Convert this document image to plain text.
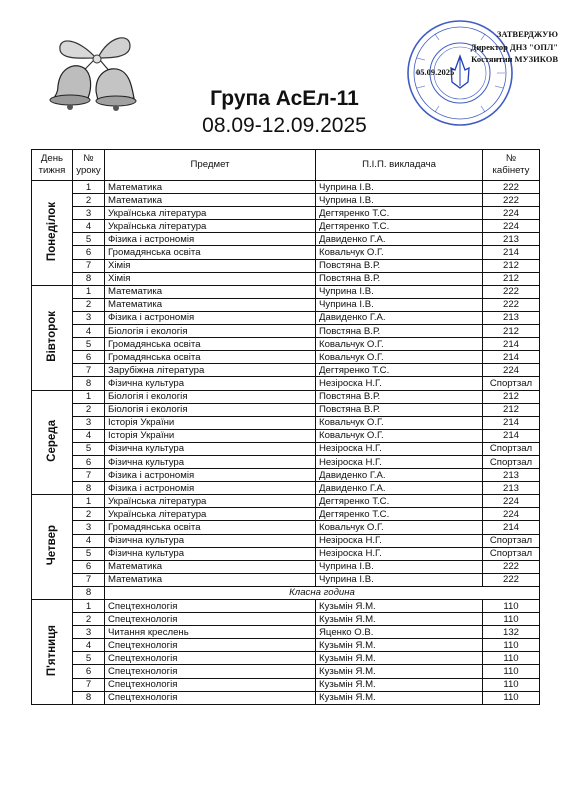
ЗАТВЕРДЖУЮ
Директор ДНЗ "ОПЛ"
Костянтин МУЗИКОВ
05.09.2025
Група АсЕл-11
08.09-12.09.2025
День
тижня	№
уроку	Предмет	П.І.П. викладача	№
кабінету
Понеділок	1	Математика	Чуприна І.В.	222
	2	Математика	Чуприна І.В.	222
	3	Українська література	Дегтяренко Т.С.	224
	4	Українська література	Дегтяренко Т.С.	224
	5	Фізика і астрономія	Давиденко Г.А.	213
	6	Громадянська освіта	Ковальчук О.Г.	214
	7	Хімія	Повстяна В.Р.	212
	8	Хімія	Повстяна В.Р.	212
Вівторок	1	Математика	Чуприна І.В.	222
	2	Математика	Чуприна І.В.	222
	3	Фізика і астрономія	Давиденко Г.А.	213
	4	Біологія і екологія	Повстяна В.Р.	212
	5	Громадянська освіта	Ковальчук О.Г.	214
	6	Громадянська освіта	Ковальчук О.Г.	214
	7	Зарубіжна література	Дегтяренко Т.С.	224
	8	Фізична культура	Незіроска Н.Г.	Спортзал
Середа	1	Біологія і екологія	Повстяна В.Р.	212
	2	Біологія і екологія	Повстяна В.Р.	212
	3	Історія України	Ковальчук О.Г.	214
	4	Історія України	Ковальчук О.Г.	214
	5	Фізична культура	Незіроска Н.Г.	Спортзал
	6	Фізична культура	Незіроска Н.Г.	Спортзал
	7	Фізика і астрономія	Давиденко Г.А.	213
	8	Фізика і астрономія	Давиденко Г.А.	213
Четвер	1	Українська література	Дегтяренко Т.С.	224
	2	Українська література	Дегтяренко Т.С.	224
	3	Громадянська освіта	Ковальчук О.Г.	214
	4	Фізична культура	Незіроска Н.Г.	Спортзал
	5	Фізична культура	Незіроска Н.Г.	Спортзал
	6	Математика	Чуприна І.В.	222
	7	Математика	Чуприна І.В.	222
	8	Класна година		
П'ятниця	1	Спецтехнологія	Кузьмін Я.М.	110
	2	Спецтехнологія	Кузьмін Я.М.	110
	3	Читання креслень	Яценко О.В.	132
	4	Спецтехнологія	Кузьмін Я.М.	110
	5	Спецтехнологія	Кузьмін Я.М.	110
	6	Спецтехнологія	Кузьмін Я.М.	110
	7	Спецтехнологія	Кузьмін Я.М.	110
	8	Спецтехнологія	Кузьмін Я.М.	110
